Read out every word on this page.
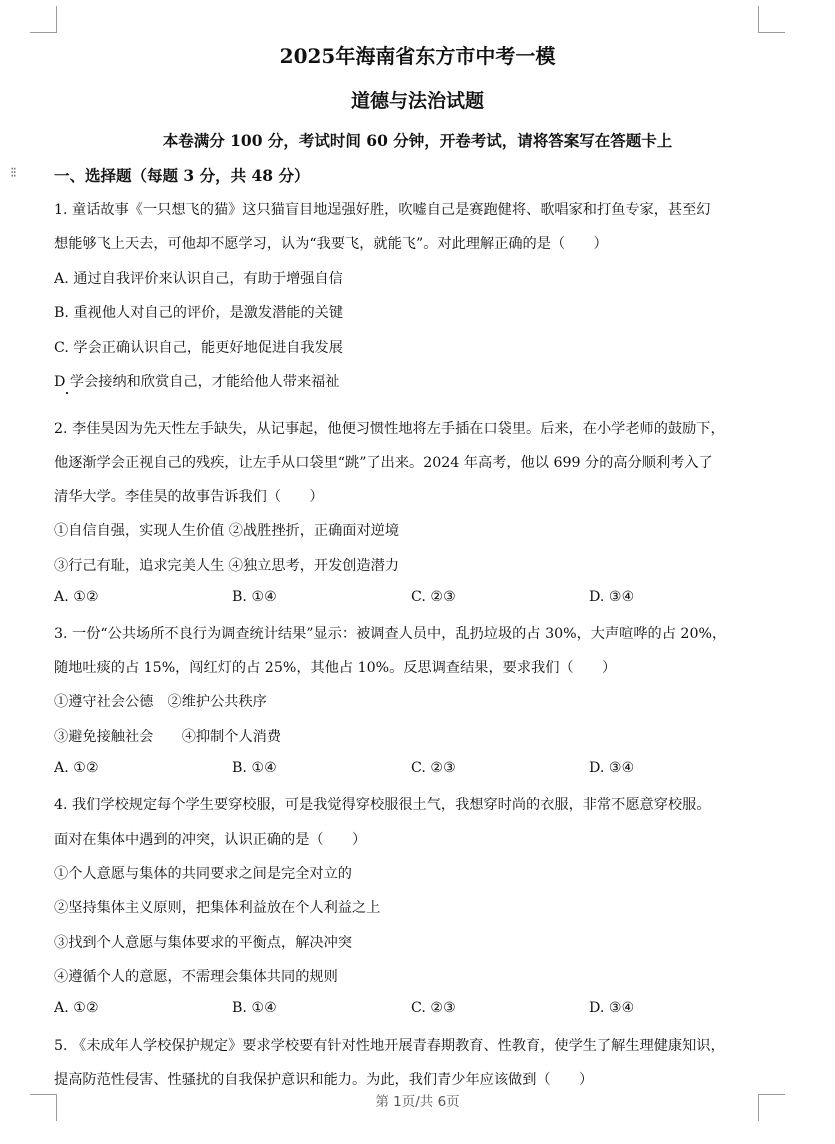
⁝⁝
2025年海南省东方市中考一模
道德与法治试题
本卷满分 100 分，考试时间 60 分钟，开卷考试，请将答案写在答题卡上
一、选择题（每题 3 分，共 48 分）
1. 童话故事《一只想飞的猫》这只猫盲目地逞强好胜，吹嘘自己是赛跑健将、歌唱家和打鱼专家，甚至幻
想能够飞上天去，可他却不愿学习，认为“我要飞，就能飞”。对此理解正确的是（　　）
A. 通过自我评价来认识自己，有助于增强自信
B. 重视他人对自己的评价，是激发潜能的关键
C. 学会正确认识自己，能更好地促进自我发展
D 学会接纳和欣赏自己，才能给他人带来福祉
2. 李佳昊因为先天性左手缺失，从记事起，他便习惯性地将左手插在口袋里。后来，在小学老师的鼓励下，
他逐渐学会正视自己的残疾，让左手从口袋里“跳”了出来。2024 年高考，他以 699 分的高分顺利考入了
清华大学。李佳昊的故事告诉我们（　　）
①自信自强，实现人生价值 ②战胜挫折，正确面对逆境
③行己有耻，追求完美人生 ④独立思考，开发创造潜力
A. ①②	B. ①④	C. ②③	D. ③④
3. 一份“公共场所不良行为调查统计结果”显示：被调查人员中，乱扔垃圾的占 30%，大声喧哗的占 20%，
随地吐痰的占 15%，闯红灯的占 25%，其他占 10%。反思调查结果，要求我们（　　）
①遵守社会公德　②维护公共秩序
③避免接触社会　　④抑制个人消费
A. ①②	B. ①④	C. ②③	D. ③④
4. 我们学校规定每个学生要穿校服，可是我觉得穿校服很土气，我想穿时尚的衣服，非常不愿意穿校服。
面对在集体中遇到的冲突，认识正确的是（　　）
①个人意愿与集体的共同要求之间是完全对立的
②坚持集体主义原则，把集体利益放在个人利益之上
③找到个人意愿与集体要求的平衡点，解决冲突
④遵循个人的意愿，不需理会集体共同的规则
A. ①②	B. ①④	C. ②③	D. ③④
5. 《未成年人学校保护规定》要求学校要有针对性地开展青春期教育、性教育，使学生了解生理健康知识，
提高防范性侵害、性骚扰的自我保护意识和能力。为此，我们青少年应该做到（　　）
第 1页/共 6页
